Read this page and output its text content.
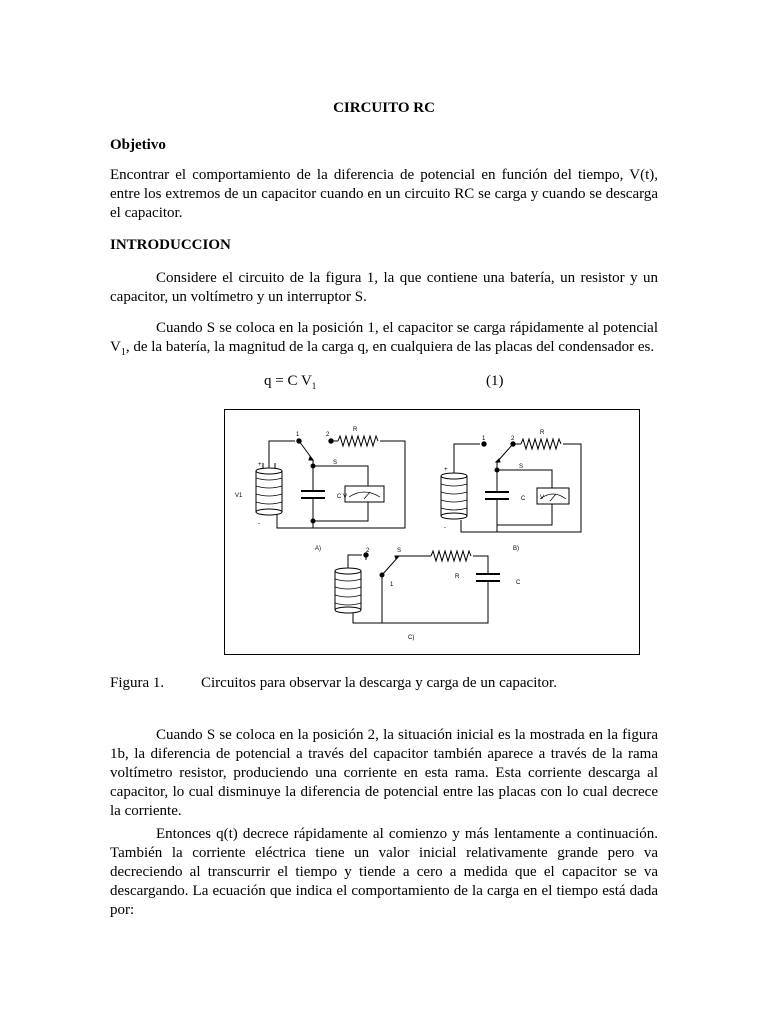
CIRCUITO RC

Objetivo

Encontrar el comportamiento de la diferencia de potencial en función del tiempo, V(t), entre los extremos de un capacitor cuando en un circuito RC se carga y cuando se descarga el capacitor.

INTRODUCCION

Considere el circuito de la figura 1, la que contiene una batería, un resistor y un capacitor, un voltímetro y un interruptor S.

Cuando S se coloca en la posición 1, el capacitor se carga rápidamente al potencial $V_1$, de la batería, la magnitud de la carga q, en cualquiera de las placas del condensador es.

q = C $V_1$	(1)
1	2
R
S
+
-
V1	C V
A)
1	2
R
S
+
-
C V
B)
2	S
1
R
C
C)
Figura 1. Circuitos para observar la descarga y carga de un capacitor.

Cuando S se coloca en la posición 2, la situación inicial es la mostrada en la figura 1b, la diferencia de potencial a través del capacitor también aparece a través de la rama voltímetro resistor, produciendo una corriente en esta rama. Esta corriente descarga al capacitor, lo cual disminuye la diferencia de potencial entre las placas con lo cual decrece la corriente.

Entonces q(t) decrece rápidamente al comienzo y más lentamente a continuación. También la corriente eléctrica tiene un valor inicial relativamente grande pero va decreciendo al transcurrir el tiempo y tiende a cero a medida que el capacitor se va descargando. La ecuación que indica el comportamiento de la carga en el tiempo está dada por:
